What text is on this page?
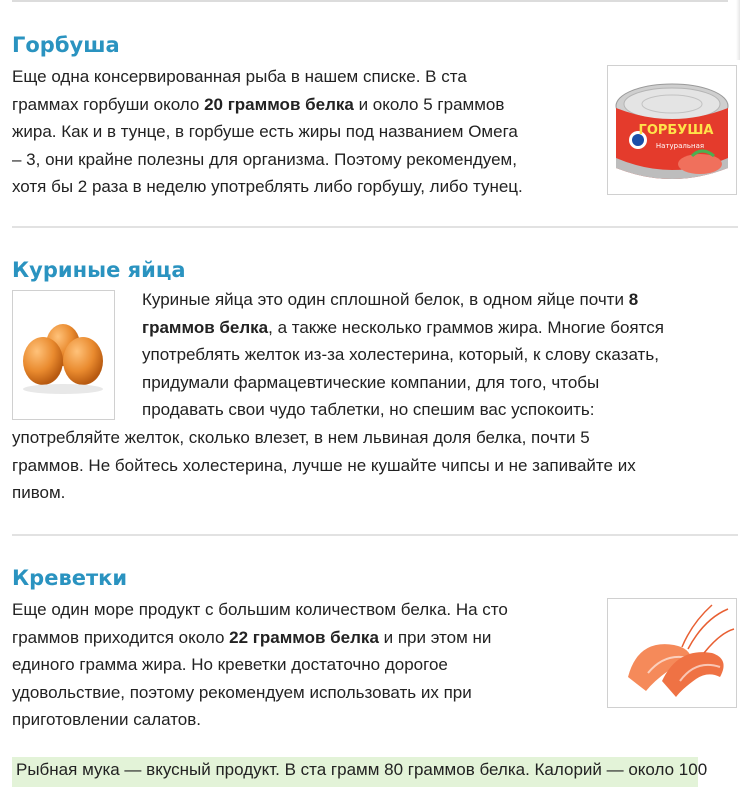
Горбуша

Еще одна консервированная рыба в нашем списке. В ста

граммах горбуши около 20 граммов белка и около 5 граммов

жира. Как и в тунце, в горбуше есть жиры под названием Омега

– 3, они крайне полезны для организма. Поэтому рекомендуем,

хотя бы 2 раза в неделю употреблять либо горбушу, либо тунец.

ГОРБУША
Натуральная
Куриные яйца

Куриные яйца это один сплошной белок, в одном яйце почти 8

граммов белка, а также несколько граммов жира. Многие боятся

употреблять желток из-за холестерина, который, к слову сказать,

придумали фармацевтические компании, для того, чтобы

продавать свои чудо таблетки, но спешим вас успокоить:

употребляйте желток, сколько влезет, в нем львиная доля белка, почти 5

граммов. Не бойтесь холестерина, лучше не кушайте чипсы и не запивайте их

пивом.

Креветки

Еще один море продукт с большим количеством белка. На сто

граммов приходится около 22 граммов белка и при этом ни

единого грамма жира. Но креветки достаточно дорогое

удовольствие, поэтому рекомендуем использовать их при

приготовлении салатов.

Рыбная мука — вкусный продукт. В ста грамм 80 граммов белка. Калорий — около 100
